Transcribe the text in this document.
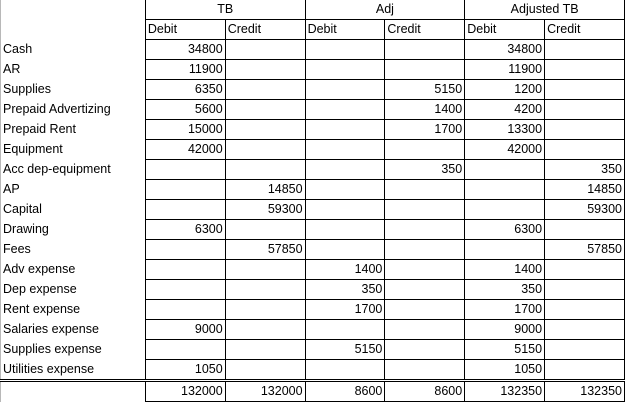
	TB		Adj		Adjusted TB	
	Debit	Credit	Debit	Credit	Debit	Credit
Cash	34800				34800	
AR	11900				11900	
Supplies	6350			5150	1200	
Prepaid Advertizing	5600			1400	4200	
Prepaid Rent	15000			1700	13300	
Equipment	42000				42000	
Acc dep-equipment				350		350
AP		14850				14850
Capital		59300				59300
Drawing	6300				6300	
Fees		57850				57850
Adv expense			1400		1400	
Dep expense			350		350	
Rent expense			1700		1700	
Salaries expense	9000				9000	
Supplies expense			5150		5150	
Utilities expense	1050				1050	
	132000	132000	8600	8600	132350	132350
